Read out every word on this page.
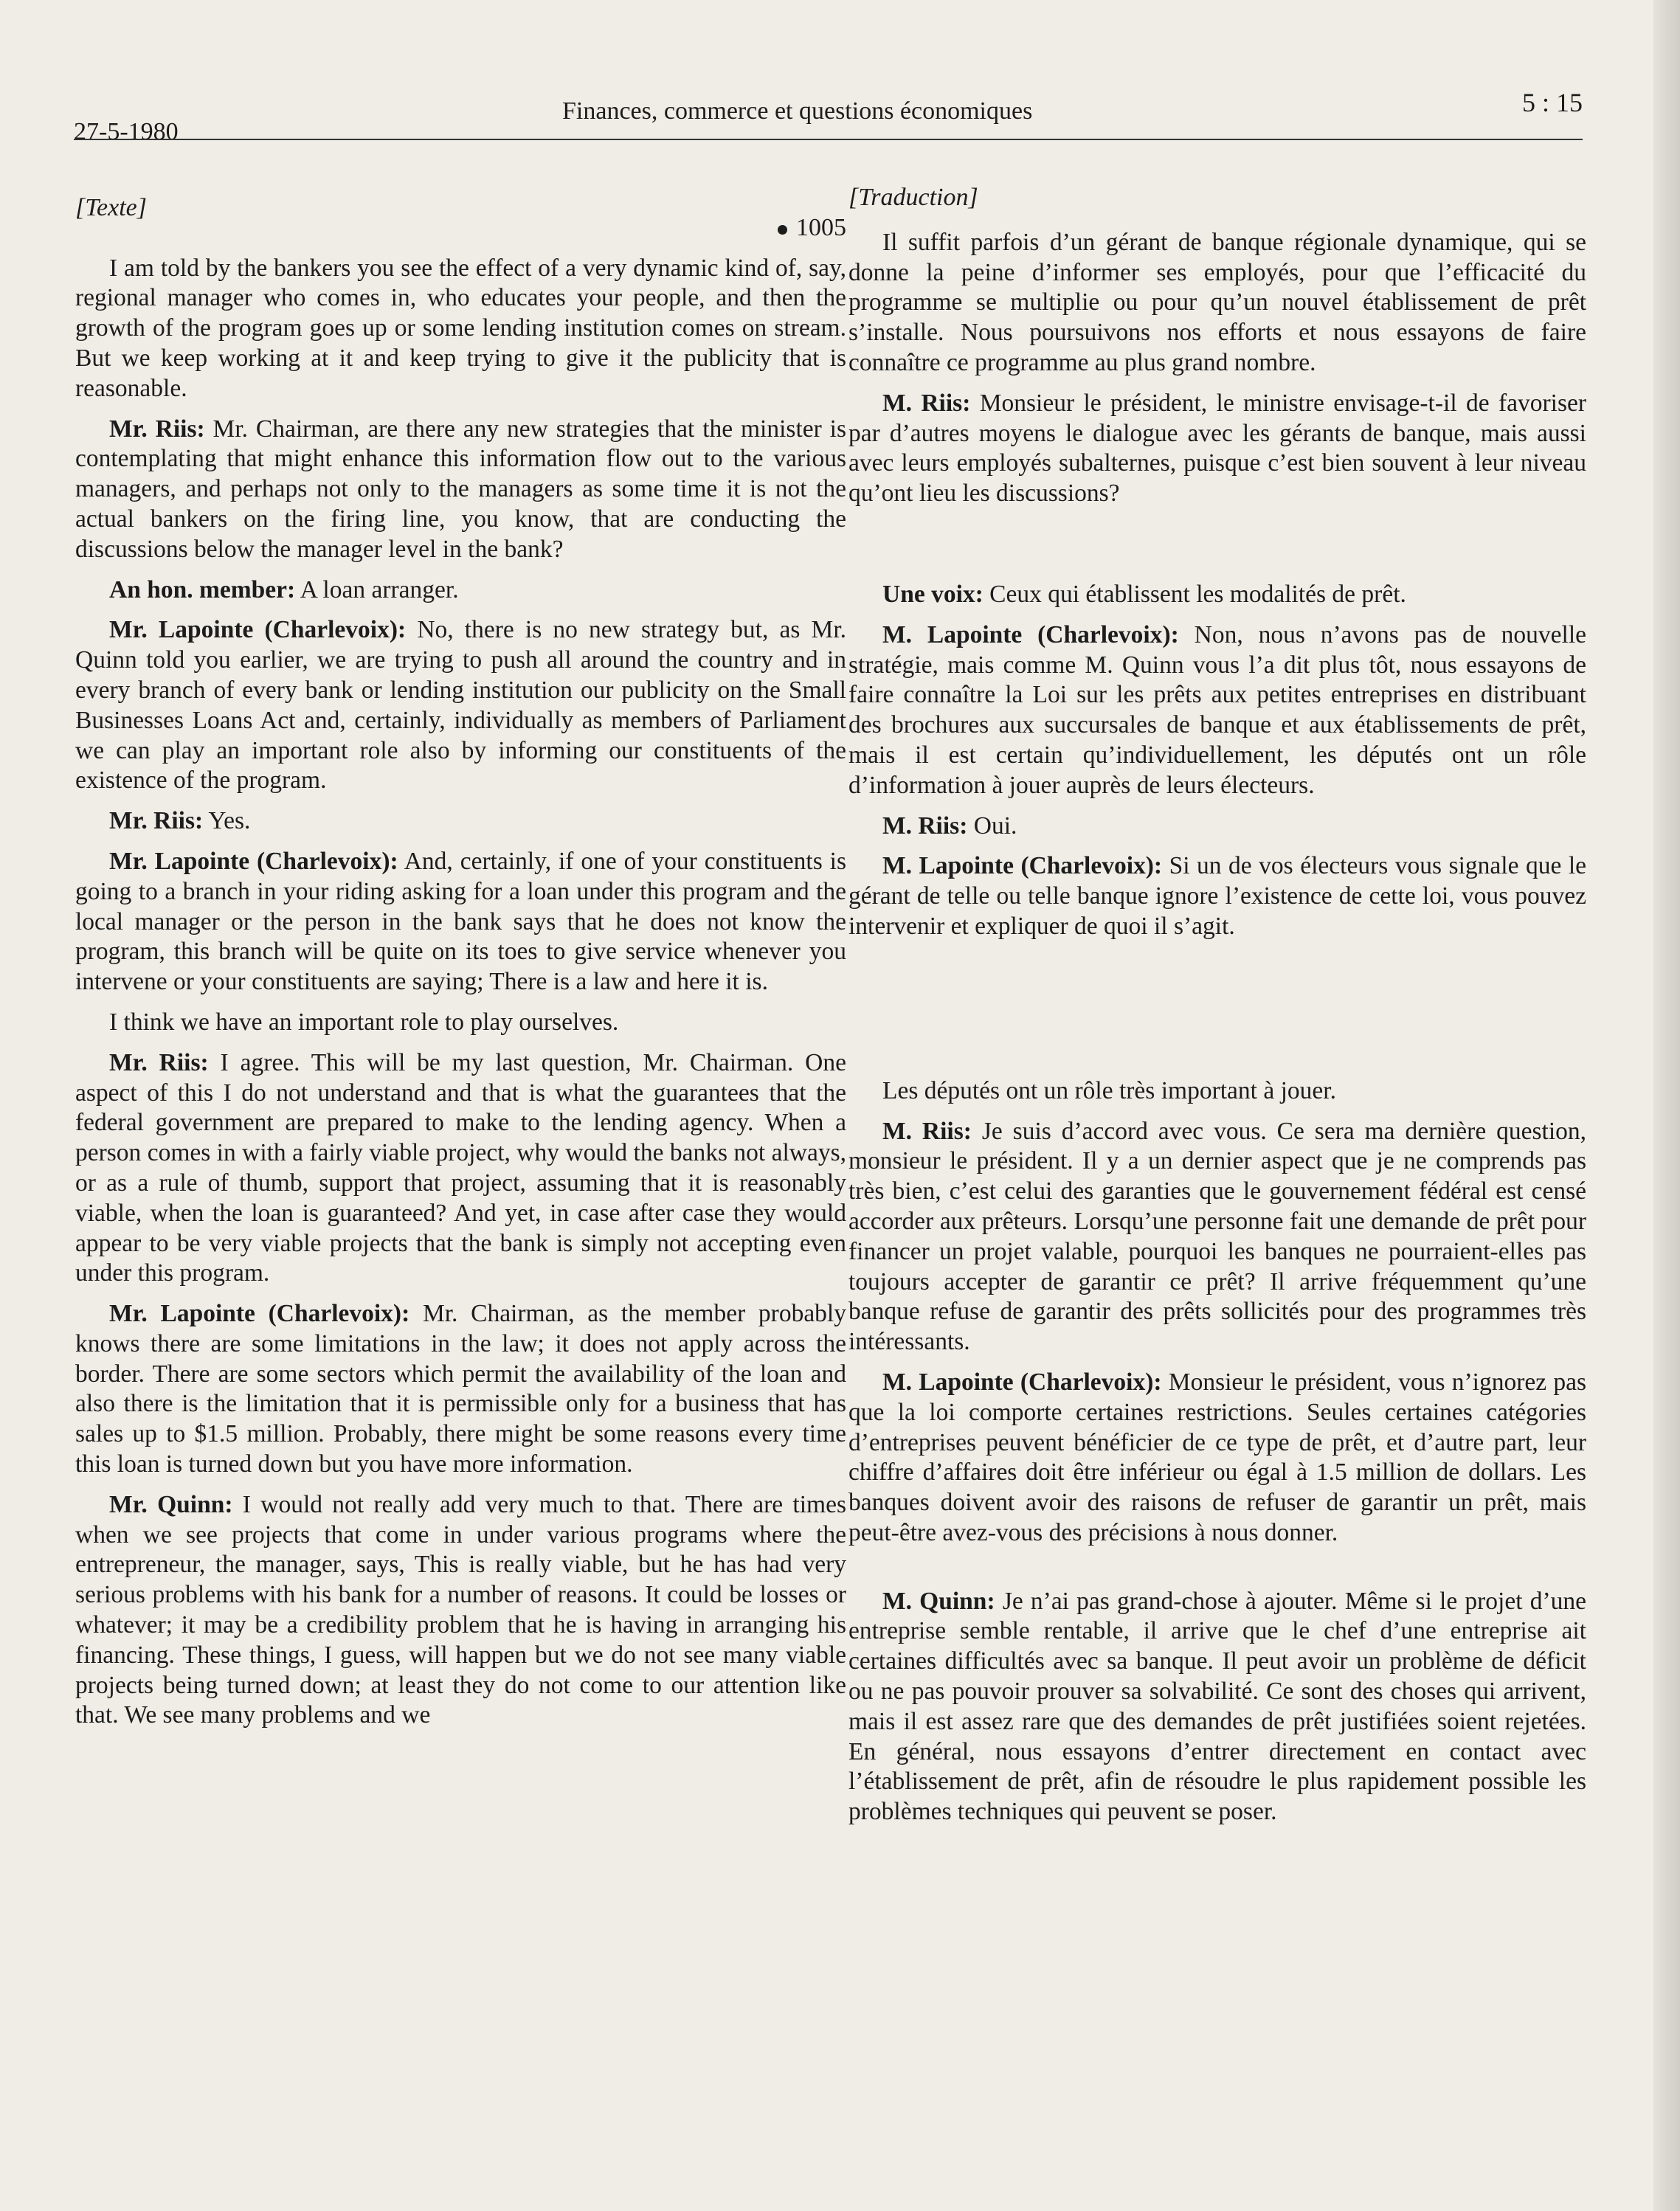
27-5-1980
Finances, commerce et questions économiques	5 : 15
[Texte]
1005

I am told by the bankers you see the effect of a very dynamic kind of, say, regional manager who comes in, who educates your people, and then the growth of the program goes up or some lending institution comes on stream. But we keep working at it and keep trying to give it the publicity that is reasonable.

Mr. Riis: Mr. Chairman, are there any new strategies that the minister is contemplating that might enhance this information flow out to the various managers, and perhaps not only to the managers as some time it is not the actual bankers on the firing line, you know, that are conducting the discussions below the manager level in the bank?

An hon. member: A loan arranger.

Mr. Lapointe (Charlevoix): No, there is no new strategy but, as Mr. Quinn told you earlier, we are trying to push all around the country and in every branch of every bank or lending institution our publicity on the Small Businesses Loans Act and, certainly, individually as members of Parliament we can play an important role also by informing our constituents of the existence of the program.

Mr. Riis: Yes.

Mr. Lapointe (Charlevoix): And, certainly, if one of your constituents is going to a branch in your riding asking for a loan under this program and the local manager or the person in the bank says that he does not know the program, this branch will be quite on its toes to give service whenever you intervene or your constituents are saying; There is a law and here it is.

I think we have an important role to play ourselves.

Mr. Riis: I agree. This will be my last question, Mr. Chairman. One aspect of this I do not understand and that is what the guarantees that the federal government are prepared to make to the lending agency. When a person comes in with a fairly viable project, why would the banks not always, or as a rule of thumb, support that project, assuming that it is reasonably viable, when the loan is guaranteed? And yet, in case after case they would appear to be very viable projects that the bank is simply not accepting even under this program.

Mr. Lapointe (Charlevoix): Mr. Chairman, as the member probably knows there are some limitations in the law; it does not apply across the border. There are some sectors which permit the availability of the loan and also there is the limitation that it is permissible only for a business that has sales up to $1.5 million. Probably, there might be some reasons every time this loan is turned down but you have more information.

Mr. Quinn: I would not really add very much to that. There are times when we see projects that come in under various programs where the entrepreneur, the manager, says, This is really viable, but he has had very serious problems with his bank for a number of reasons. It could be losses or whatever; it may be a credibility problem that he is having in arranging his financing. These things, I guess, will happen but we do not see many viable projects being turned down; at least they do not come to our attention like that. We see many problems and we

[Traduction]

Il suffit parfois d’un gérant de banque régionale dynamique, qui se donne la peine d’informer ses employés, pour que l’efficacité du programme se multiplie ou pour qu’un nouvel établissement de prêt s’installe. Nous poursuivons nos efforts et nous essayons de faire connaître ce programme au plus grand nombre.

M. Riis: Monsieur le président, le ministre envisage-t-il de favoriser par d’autres moyens le dialogue avec les gérants de banque, mais aussi avec leurs employés subalternes, puisque c’est bien souvent à leur niveau qu’ont lieu les discussions?

Une voix: Ceux qui établissent les modalités de prêt.

M. Lapointe (Charlevoix): Non, nous n’avons pas de nouvelle stratégie, mais comme M. Quinn vous l’a dit plus tôt, nous essayons de faire connaître la Loi sur les prêts aux petites entreprises en distribuant des brochures aux succursales de banque et aux établissements de prêt, mais il est certain qu’individuellement, les députés ont un rôle d’information à jouer auprès de leurs électeurs.

M. Riis: Oui.

M. Lapointe (Charlevoix): Si un de vos électeurs vous signale que le gérant de telle ou telle banque ignore l’existence de cette loi, vous pouvez intervenir et expliquer de quoi il s’agit.

Les députés ont un rôle très important à jouer.

M. Riis: Je suis d’accord avec vous. Ce sera ma dernière question, monsieur le président. Il y a un dernier aspect que je ne comprends pas très bien, c’est celui des garanties que le gouvernement fédéral est censé accorder aux prêteurs. Lorsqu’une personne fait une demande de prêt pour financer un projet valable, pourquoi les banques ne pourraient-elles pas toujours accepter de garantir ce prêt? Il arrive fréquemment qu’une banque refuse de garantir des prêts sollicités pour des programmes très intéressants.

M. Lapointe (Charlevoix): Monsieur le président, vous n’ignorez pas que la loi comporte certaines restrictions. Seules certaines catégories d’entreprises peuvent bénéficier de ce type de prêt, et d’autre part, leur chiffre d’affaires doit être inférieur ou égal à 1.5 million de dollars. Les banques doivent avoir des raisons de refuser de garantir un prêt, mais peut-être avez-vous des précisions à nous donner.

M. Quinn: Je n’ai pas grand-chose à ajouter. Même si le projet d’une entreprise semble rentable, il arrive que le chef d’une entreprise ait certaines difficultés avec sa banque. Il peut avoir un problème de déficit ou ne pas pouvoir prouver sa solvabilité. Ce sont des choses qui arrivent, mais il est assez rare que des demandes de prêt justifiées soient rejetées. En général, nous essayons d’entrer directement en contact avec l’établissement de prêt, afin de résoudre le plus rapidement possible les problèmes techniques qui peuvent se poser.
